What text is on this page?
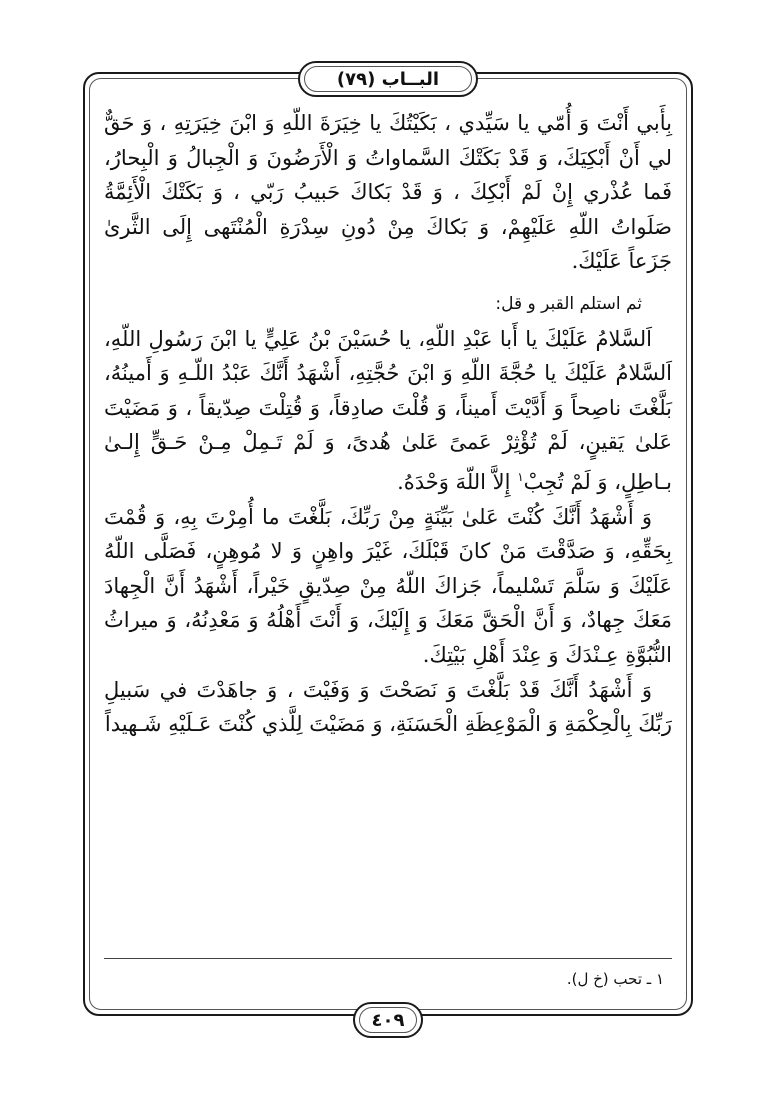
البــاب (٧٩)

بِأَبي أَنْتَ وَ أُمّي يا سَيِّدي ، بَكَيْتُكَ يا خِيَرَةَ اللّهِ وَ ابْنَ خِيَرَتِهِ ، وَ حَقٌّ لي أَنْ أَبْكِيَكَ، وَ قَدْ بَكَتْكَ السَّماواتُ وَ الْأَرَضُونَ وَ الْجِبالُ وَ الْبِحارُ، فَما عُذْري إِنْ لَمْ أَبْكِكَ ، وَ قَدْ بَكاكَ حَبيبُ رَبّي ، وَ بَكَتْكَ الْأَئِمَّةُ صَلَواتُ اللّهِ عَلَيْهِمْ، وَ بَكاكَ مِنْ دُونِ سِدْرَةِ الْمُنْتَهى إِلَى الثَّرىٰ جَزَعاً عَلَيْكَ.

ثم استلم القبر و قل:

اَلسَّلامُ عَلَيْكَ يا أَبا عَبْدِ اللّهِ، يا حُسَيْنَ بْنُ عَلِيٍّ يا ابْنَ رَسُولِ اللّهِ، اَلسَّلامُ عَلَيْكَ يا حُجَّةَ اللّهِ وَ ابْنَ حُجَّتِهِ، أَشْهَدُ أَنَّكَ عَبْدُ اللّـهِ وَ أَمينُهُ، بَلَّغْتَ ناصِحاً وَ أَدَّيْتَ أَميناً، وَ قُلْتَ صادِقاً، وَ قُتِلْتَ صِدّيقاً ، وَ مَضَيْتَ عَلىٰ يَقينٍ، لَمْ تُؤْثِرْ عَمىً عَلىٰ هُدىً، وَ لَمْ تَـمِلْ مِـنْ حَـقٍّ إِلـىٰ بـاطِلٍ، وَ لَمْ تُجِبْ$^١$ إِلاَّ اللّهَ وَحْدَهُ.

وَ أَشْهَدُ أَنَّكَ كُنْتَ عَلىٰ بَيِّنَةٍ مِنْ رَبِّكَ، بَلَّغْتَ ما أُمِرْتَ بِهِ، وَ قُمْتَ بِحَقِّهِ، وَ صَدَّقْتَ مَنْ كانَ قَبْلَكَ، غَيْرَ واهِنٍ وَ لا مُوهِنٍ، فَصَلَّى اللّهُ عَلَيْكَ وَ سَلَّمَ تَسْليماً، جَزاكَ اللّهُ مِنْ صِدّيقٍ خَيْراً، أَشْهَدُ أَنَّ الْجِهادَ مَعَكَ جِهادٌ، وَ أَنَّ الْحَقَّ مَعَكَ وَ إِلَيْكَ، وَ أَنْتَ أَهْلُهُ وَ مَعْدِنُهُ، وَ ميراثُ النُّبُوَّةِ عِـنْدَكَ وَ عِنْدَ أَهْلِ بَيْتِكَ.

وَ أَشْهَدُ أَنَّكَ قَدْ بَلَّغْتَ وَ نَصَحْتَ وَ وَفَيْتَ ، وَ جاهَدْتَ في سَبيلِ رَبِّكَ بِالْحِكْمَةِ وَ الْمَوْعِظَةِ الْحَسَنَةِ، وَ مَضَيْتَ لِلَّذي كُنْتَ عَـلَيْهِ شَـهيداً

١ ـ تحب (خ ل).
٤٠٩
